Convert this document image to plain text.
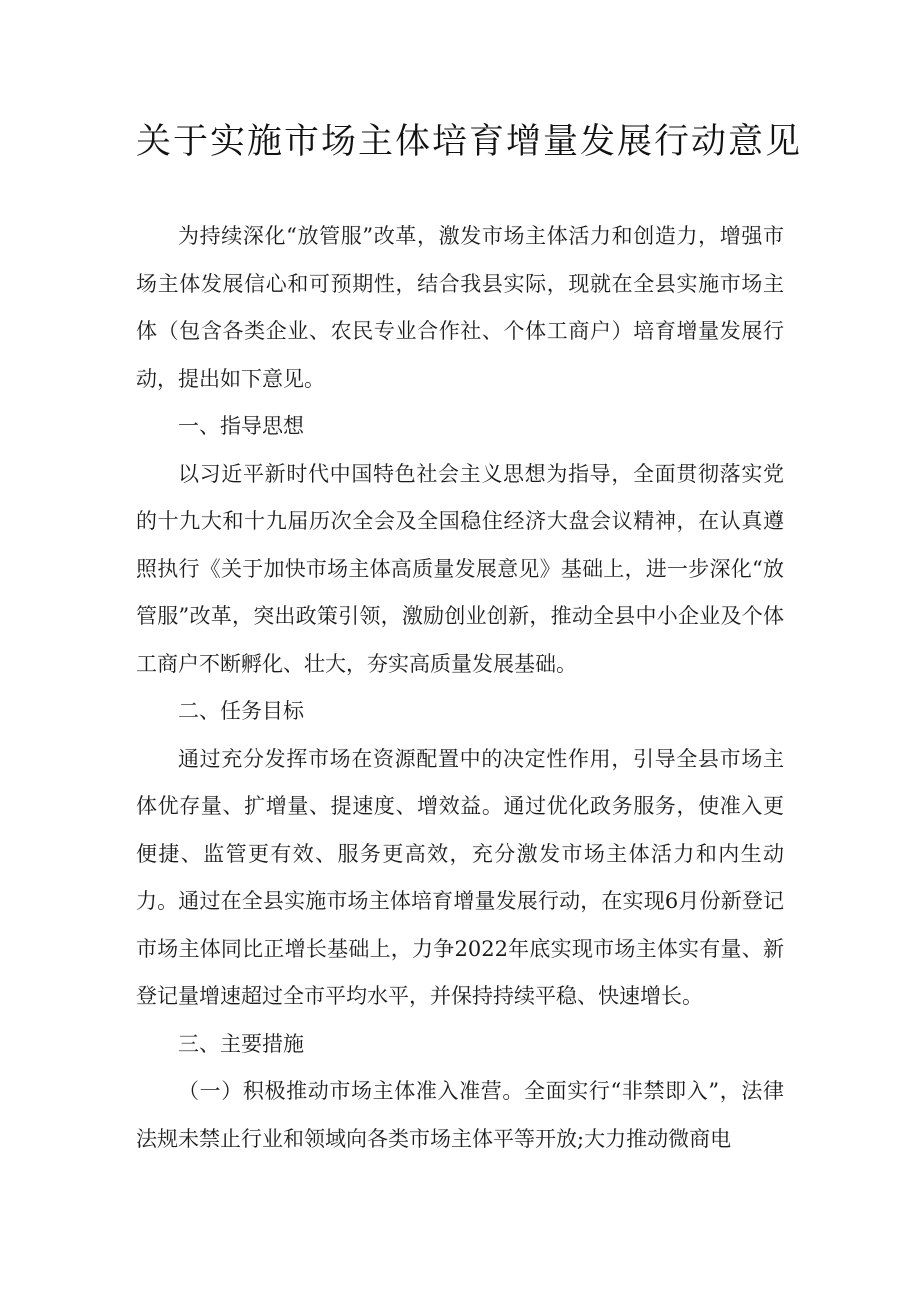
关于实施市场主体培育增量发展行动意见

为持续深化“放管服”改革，激发市场主体活力和创造力，增强市场主体发展信心和可预期性，结合我县实际，现就在全县实施市场主体（包含各类企业、农民专业合作社、个体工商户）培育增量发展行动，提出如下意见。

一、指导思想

以习近平新时代中国特色社会主义思想为指导，全面贯彻落实党的十九大和十九届历次全会及全国稳住经济大盘会议精神，在认真遵照执行《关于加快市场主体高质量发展意见》基础上，进一步深化“放管服”改革，突出政策引领，激励创业创新，推动全县中小企业及个体工商户不断孵化、壮大，夯实高质量发展基础。

二、任务目标

通过充分发挥市场在资源配置中的决定性作用，引导全县市场主体优存量、扩增量、提速度、增效益。通过优化政务服务，使准入更便捷、监管更有效、服务更高效，充分激发市场主体活力和内生动力。通过在全县实施市场主体培育增量发展行动，在实现6月份新登记市场主体同比正增长基础上，力争2022年底实现市场主体实有量、新登记量增速超过全市平均水平，并保持持续平稳、快速增长。

三、主要措施

（一）积极推动市场主体准入准营。全面实行“非禁即入”，法律法规未禁止行业和领域向各类市场主体平等开放;大力推动微商电
